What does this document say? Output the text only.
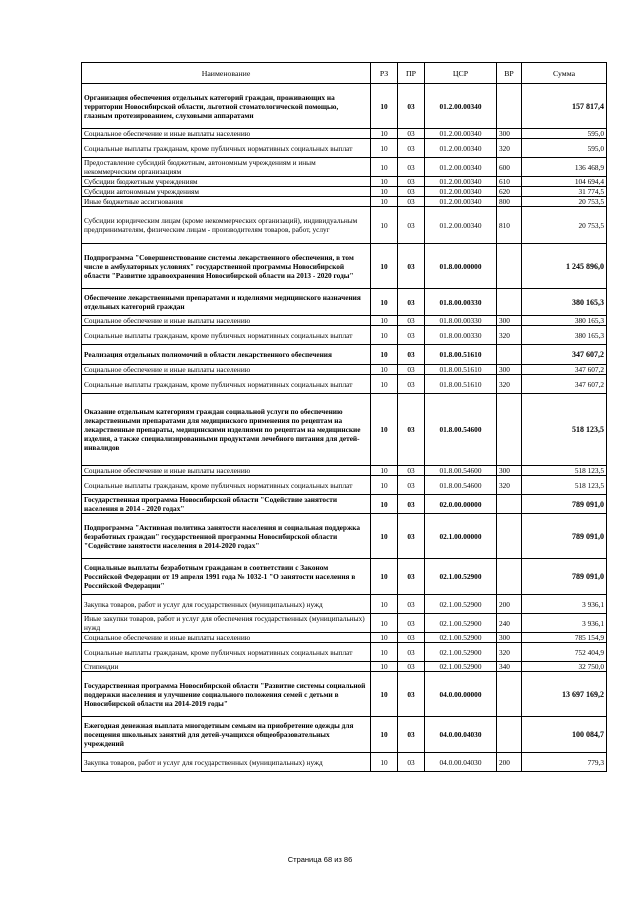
Наименование	РЗ	ПР	ЦСР	ВР	Сумма
Организация обеспечения отдельных категорий граждан, проживающих на территории Новосибирской области, льготной стоматологической помощью, глазным протезированием, слуховыми аппаратами	10	03	01.2.00.00340		157 817,4
Социальное обеспечение и иные выплаты населению	10	03	01.2.00.00340	300	595,0
Социальные выплаты гражданам, кроме публичных нормативных социальных выплат	10	03	01.2.00.00340	320	595,0
Предоставление субсидий бюджетным, автономным учреждениям и иным некоммерческим организациям	10	03	01.2.00.00340	600	136 468,9
Субсидии бюджетным учреждениям	10	03	01.2.00.00340	610	104 694,4
Субсидии автономным учреждениям	10	03	01.2.00.00340	620	31 774,5
Иные бюджетные ассигнования	10	03	01.2.00.00340	800	20 753,5
Субсидии юридическим лицам (кроме некоммерческих организаций), индивидуальным предпринимателям, физическим лицам - производителям товаров, работ, услуг	10	03	01.2.00.00340	810	20 753,5
Подпрограмма "Совершенствование системы лекарственного обеспечения, в том числе в амбулаторных условиях" государственной программы Новосибирской области "Развитие здравоохранения Новосибирской области на 2013 - 2020 годы"	10	03	01.8.00.00000		1 245 896,0
Обеспечение лекарственными препаратами и изделиями медицинского назначения отдельных категорий граждан	10	03	01.8.00.00330		380 165,3
Социальное обеспечение и иные выплаты населению	10	03	01.8.00.00330	300	380 165,3
Социальные выплаты гражданам, кроме публичных нормативных социальных выплат	10	03	01.8.00.00330	320	380 165,3
Реализация отдельных полномочий в области лекарственного обеспечения	10	03	01.8.00.51610		347 607,2
Социальное обеспечение и иные выплаты населению	10	03	01.8.00.51610	300	347 607,2
Социальные выплаты гражданам, кроме публичных нормативных социальных выплат	10	03	01.8.00.51610	320	347 607,2
Оказание отдельным категориям граждан социальной услуги по обеспечению лекарственными препаратами для медицинского применения по рецептам на лекарственные препараты, медицинскими изделиями по рецептам на медицинские изделия, а также специализированными продуктами лечебного питания для детей-инвалидов	10	03	01.8.00.54600		518 123,5
Социальное обеспечение и иные выплаты населению	10	03	01.8.00.54600	300	518 123,5
Социальные выплаты гражданам, кроме публичных нормативных социальных выплат	10	03	01.8.00.54600	320	518 123,5
Государственная программа Новосибирской области "Содействие занятости населения в 2014 - 2020 годах"	10	03	02.0.00.00000		789 091,0
Подпрограмма "Активная политика занятости населения и социальная поддержка безработных граждан" государственной программы Новосибирской области "Содействие занятости населения в 2014-2020 годах"	10	03	02.1.00.00000		789 091,0
Социальные выплаты безработным гражданам в соответствии с Законом Российской Федерации от 19 апреля 1991 года № 1032-1 "О занятости населения в Российской Федерации"	10	03	02.1.00.52900		789 091,0
Закупка товаров, работ и услуг для государственных (муниципальных) нужд	10	03	02.1.00.52900	200	3 936,1
Иные закупки товаров, работ и услуг для обеспечения государственных (муниципальных) нужд	10	03	02.1.00.52900	240	3 936,1
Социальное обеспечение и иные выплаты населению	10	03	02.1.00.52900	300	785 154,9
Социальные выплаты гражданам, кроме публичных нормативных социальных выплат	10	03	02.1.00.52900	320	752 404,9
Стипендии	10	03	02.1.00.52900	340	32 750,0
Государственная программа Новосибирской области "Развитие системы социальной поддержки населения и улучшение социального положения семей с детьми в Новосибирской области на 2014-2019 годы"	10	03	04.0.00.00000		13 697 169,2
Ежегодная денежная выплата многодетным семьям на приобретение одежды для посещения школьных занятий для детей-учащихся общеобразовательных учреждений	10	03	04.0.00.04030		100 084,7
Закупка товаров, работ и услуг для государственных (муниципальных) нужд	10	03	04.0.00.04030	200	779,3
Страница 68 из 86
